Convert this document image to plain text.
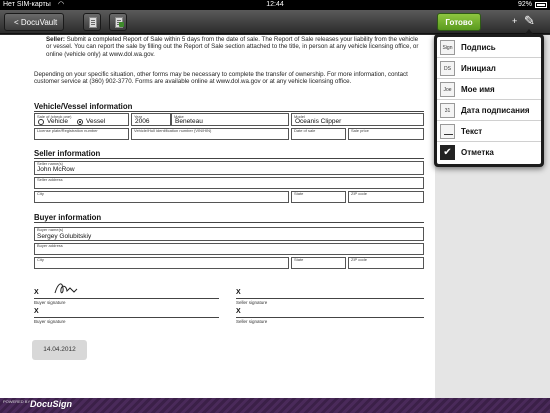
Нет SIM-карты ◠	12:44	92%
< DocuVault	Готово	+ ✎
Seller: Submit a completed Report of Sale within 5 days from the date of sale. The Report of Sale releases your liability from the vehicle or vessel. You can report the sale by filling out the Report of Sale section attached to the title, in person at any vehicle licensing office, or online (vehicle only) at www.dol.wa.gov.
Depending on your specific situation, other forms may be necessary to complete the transfer of ownership. For more information, contact customer service at (360) 902-3770. Forms are available online at www.dol.wa.gov or at any vehicle licensing office.
Vehicle/Vessel information
Sale of (check one)
Vehicle	Vessel
Year
2006
Make
Beneteau
Model
Oceanis Clipper
License plate/Registration number	Vehicle/Hull identification number (VIN/HIN)	Date of sale	Sale price
Seller information
Seller name(s)
John McRow
Seller address
City	State	ZIP code
Buyer information
Buyer name(s)
Sergey Golubitskiy
Buyer address
City	State	ZIP code
X
Buyer signature
X
Seller signature
X
Buyer signature
X
Seller signature
14.04.2012
Sign	Подпись
DS	Инициал
Joe	Мое имя
31	Дата подписания
Текст
✔	Отметка
POWERED BY DocuSign
